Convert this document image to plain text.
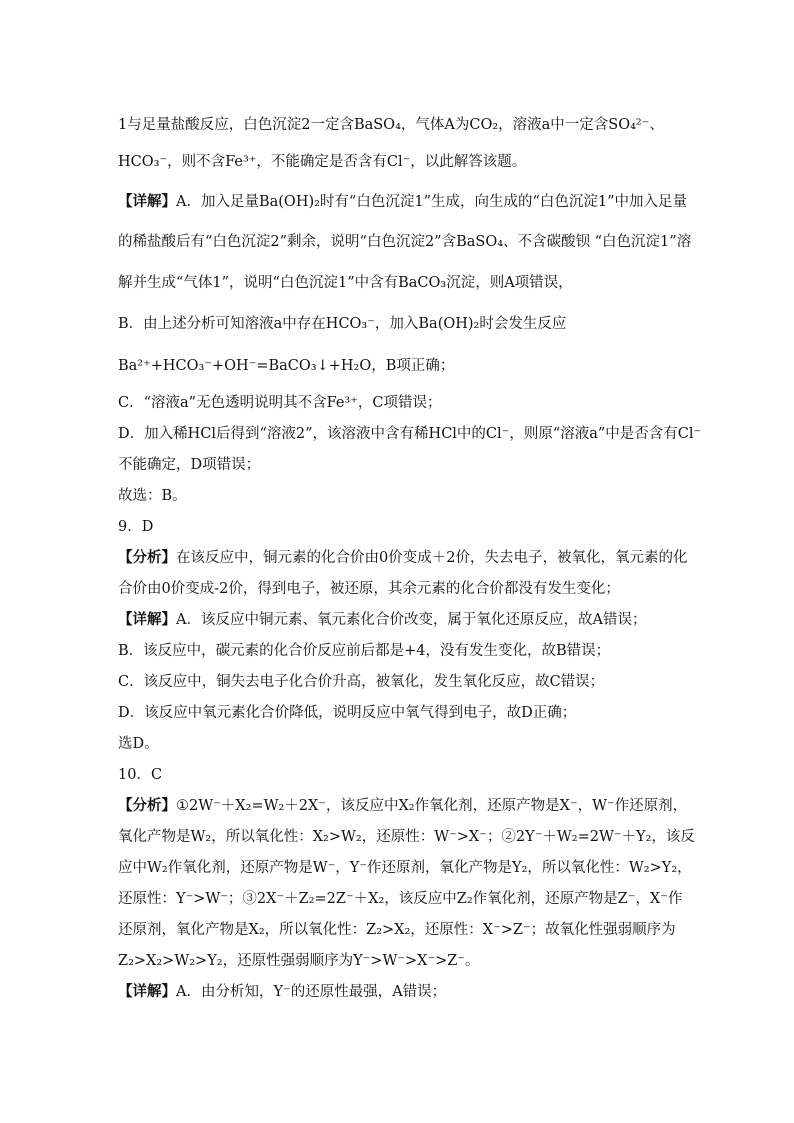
1与足量盐酸反应，白色沉淀2一定含BaSO₄，气体A为CO₂，溶液a中一定含SO₄²⁻、
HCO₃⁻，则不含Fe³⁺，不能确定是否含有Cl⁻，以此解答该题。
【详解】A．加入足量Ba(OH)₂时有“白色沉淀1”生成，向生成的“白色沉淀1”中加入足量
的稀盐酸后有“白色沉淀2”剩余，说明“白色沉淀2”含BaSO₄、不含碳酸钡 “白色沉淀1”溶
解并生成“气体1”，说明“白色沉淀1”中含有BaCO₃沉淀，则A项错误，
B．由上述分析可知溶液a中存在HCO₃⁻，加入Ba(OH)₂时会发生反应
Ba²⁺+HCO₃⁻+OH⁻=BaCO₃↓+H₂O，B项正确；
C．“溶液a”无色透明说明其不含Fe³⁺，C项错误；
D．加入稀HCl后得到“溶液2”，该溶液中含有稀HCl中的Cl⁻，则原“溶液a”中是否含有Cl⁻
不能确定，D项错误；
故选：B。
9．D
【分析】在该反应中，铜元素的化合价由0价变成＋2价，失去电子，被氧化，氧元素的化
合价由0价变成-2价，得到电子，被还原，其余元素的化合价都没有发生变化；
【详解】A．该反应中铜元素、氧元素化合价改变，属于氧化还原反应，故A错误；
B．该反应中，碳元素的化合价反应前后都是+4，没有发生变化，故B错误；
C．该反应中，铜失去电子化合价升高，被氧化，发生氧化反应，故C错误；
D．该反应中氧元素化合价降低，说明反应中氧气得到电子，故D正确；
选D。
10．C
【分析】①2W⁻＋X₂=W₂＋2X⁻，该反应中X₂作氧化剂，还原产物是X⁻，W⁻作还原剂，
氧化产物是W₂，所以氧化性：X₂>W₂，还原性：W⁻>X⁻；②2Y⁻＋W₂=2W⁻＋Y₂，该反
应中W₂作氧化剂，还原产物是W⁻，Y⁻作还原剂，氧化产物是Y₂，所以氧化性：W₂>Y₂，
还原性：Y⁻>W⁻；③2X⁻＋Z₂=2Z⁻＋X₂，该反应中Z₂作氧化剂，还原产物是Z⁻，X⁻作
还原剂，氧化产物是X₂，所以氧化性：Z₂>X₂，还原性：X⁻>Z⁻；故氧化性强弱顺序为
Z₂>X₂>W₂>Y₂，还原性强弱顺序为Y⁻>W⁻>X⁻>Z⁻。
【详解】A．由分析知，Y⁻的还原性最强，A错误；
